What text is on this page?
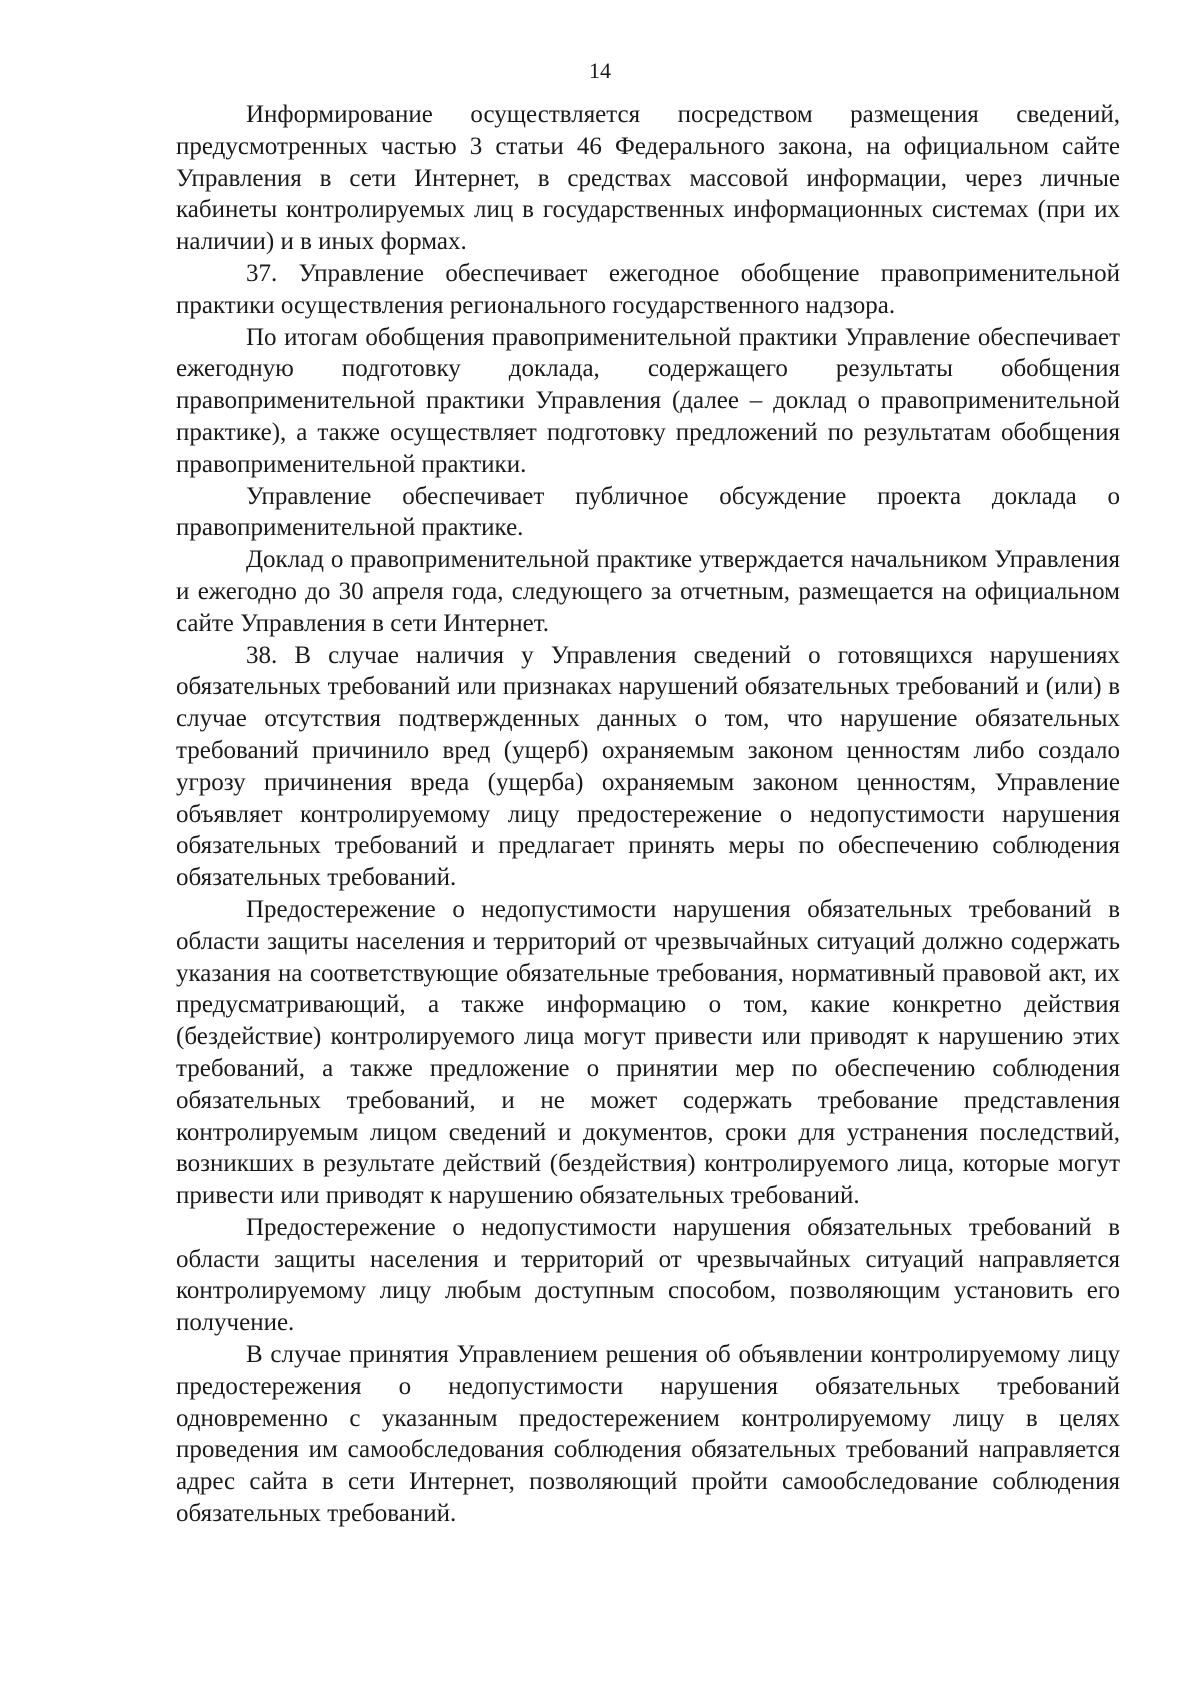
14

Информирование осуществляется посредством размещения сведений, предусмотренных частью 3 статьи 46 Федерального закона, на официальном сайте Управления в сети Интернет, в средствах массовой информации, через личные кабинеты контролируемых лиц в государственных информационных системах (при их наличии) и в иных формах.

37. Управление обеспечивает ежегодное обобщение правоприменительной практики осуществления регионального государственного надзора.

По итогам обобщения правоприменительной практики Управление обеспечивает ежегодную подготовку доклада, содержащего результаты обобщения правоприменительной практики Управления (далее – доклад о правоприменительной практике), а также осуществляет подготовку предложений по результатам обобщения правоприменительной практики.

Управление обеспечивает публичное обсуждение проекта доклада о правоприменительной практике.

Доклад о правоприменительной практике утверждается начальником Управления и ежегодно до 30 апреля года, следующего за отчетным, размещается на официальном сайте Управления в сети Интернет.

38. В случае наличия у Управления сведений о готовящихся нарушениях обязательных требований или признаках нарушений обязательных требований и (или) в случае отсутствия подтвержденных данных о том, что нарушение обязательных требований причинило вред (ущерб) охраняемым законом ценностям либо создало угрозу причинения вреда (ущерба) охраняемым законом ценностям, Управление объявляет контролируемому лицу предостережение о недопустимости нарушения обязательных требований и предлагает принять меры по обеспечению соблюдения обязательных требований.

Предостережение о недопустимости нарушения обязательных требований в области защиты населения и территорий от чрезвычайных ситуаций должно содержать указания на соответствующие обязательные требования, нормативный правовой акт, их предусматривающий, а также информацию о том, какие конкретно действия (бездействие) контролируемого лица могут привести или приводят к нарушению этих требований, а также предложение о принятии мер по обеспечению соблюдения обязательных требований, и не может содержать требование представления контролируемым лицом сведений и документов, сроки для устранения последствий, возникших в результате действий (бездействия) контролируемого лица, которые могут привести или приводят к нарушению обязательных требований.

Предостережение о недопустимости нарушения обязательных требований в области защиты населения и территорий от чрезвычайных ситуаций направляется контролируемому лицу любым доступным способом, позволяющим установить его получение.

В случае принятия Управлением решения об объявлении контролируемому лицу предостережения о недопустимости нарушения обязательных требований одновременно с указанным предостережением контролируемому лицу в целях проведения им самообследования соблюдения обязательных требований направляется адрес сайта в сети Интернет, позволяющий пройти самообследование соблюдения обязательных требований.
